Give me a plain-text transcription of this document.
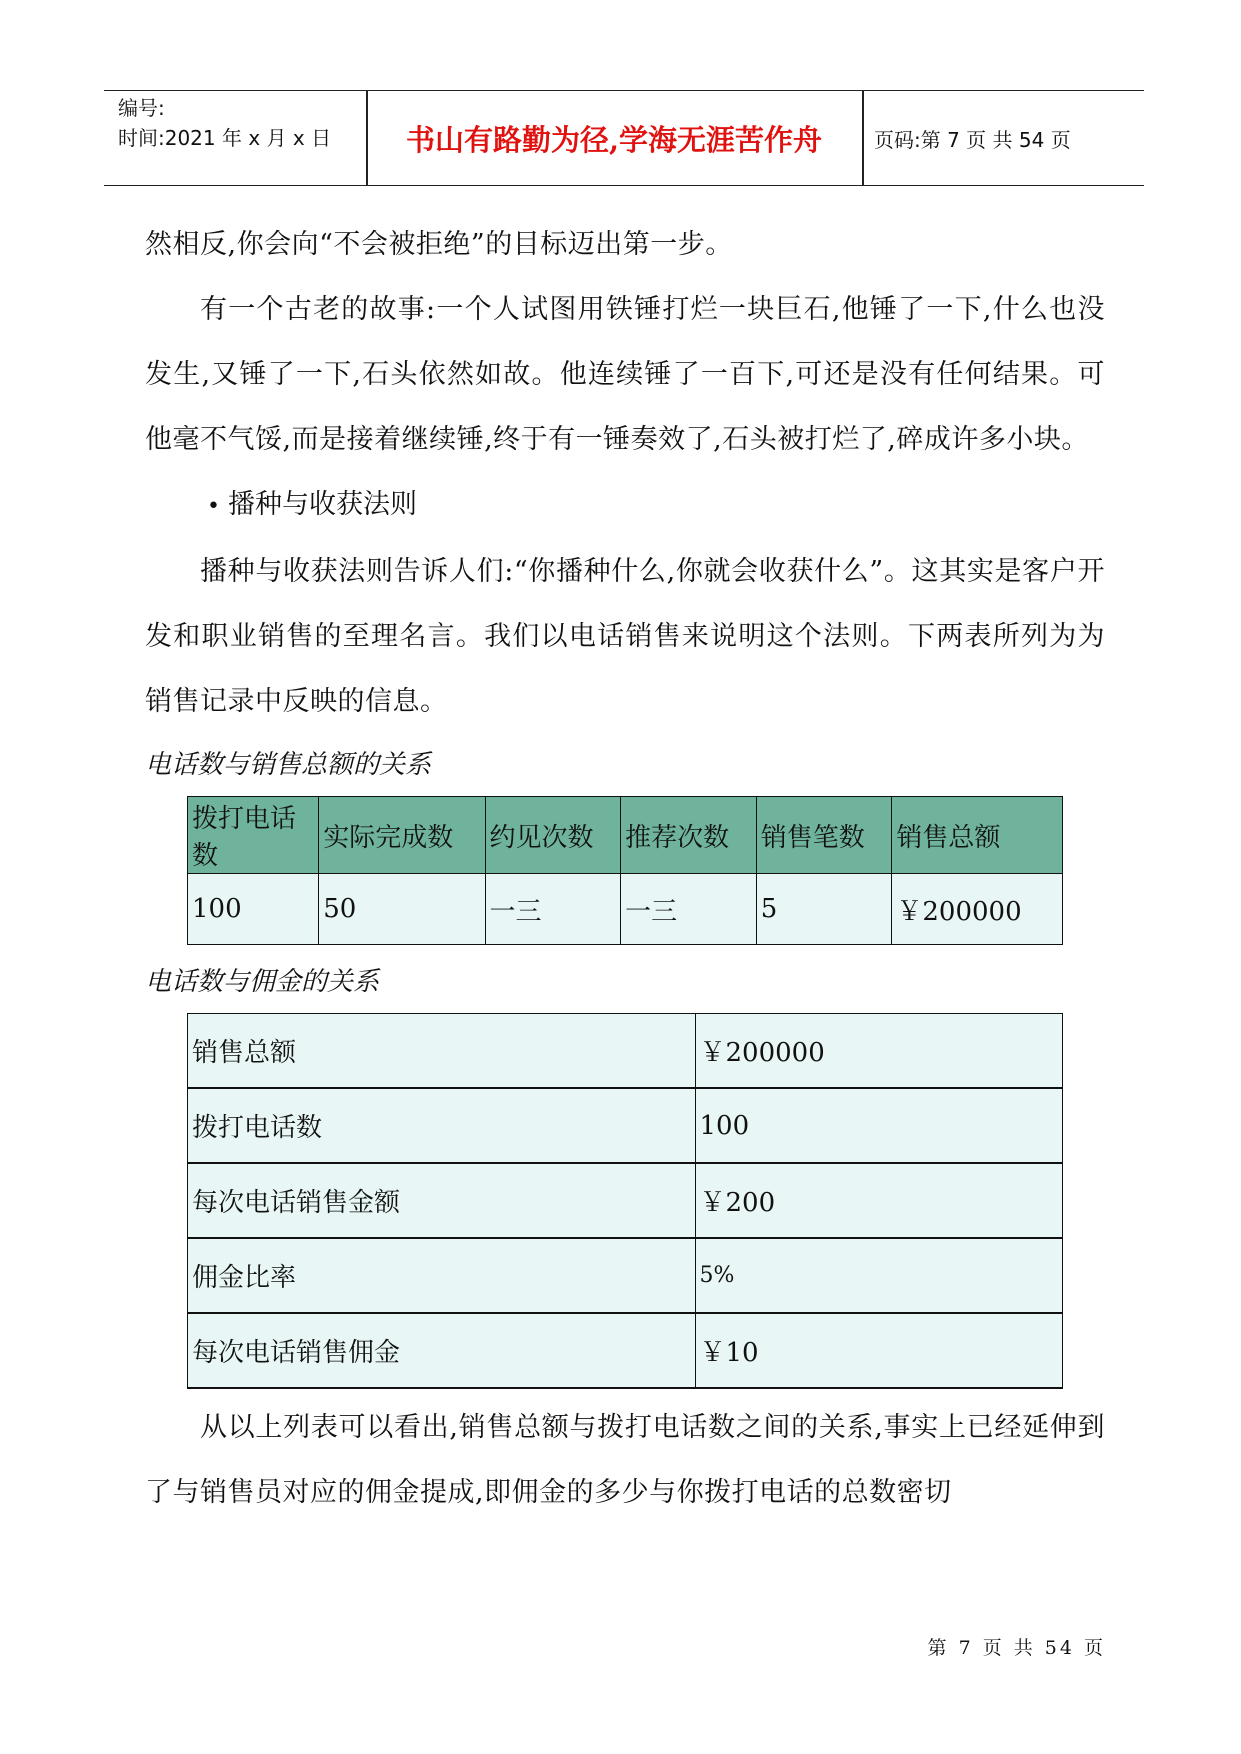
编号:
时间:2021 年 x 月 x 日	书山有路勤为径,学海无涯苦作舟	页码:第 7 页 共 54 页

然相反,你会向“不会被拒绝”的目标迈出第一步。

有一个古老的故事:一个人试图用铁锤打烂一块巨石,他锤了一下,什么也没发生,又锤了一下,石头依然如故。他连续锤了一百下,可还是没有任何结果。可他毫不气馁,而是接着继续锤,终于有一锤奏效了,石头被打烂了,碎成许多小块。

• 播种与收获法则

播种与收获法则告诉人们:“你播种什么,你就会收获什么”。这其实是客户开发和职业销售的至理名言。我们以电话销售来说明这个法则。下两表所列为为销售记录中反映的信息。

电话数与销售总额的关系

拨打电话数	实际完成数	约见次数	推荐次数	销售笔数	销售总额
100	50	一三	一三	5	￥200000

电话数与佣金的关系

销售总额	￥200000
拨打电话数	100
每次电话销售金额	￥200
佣金比率	5%
每次电话销售佣金	￥10

从以上列表可以看出,销售总额与拨打电话数之间的关系,事实上已经延伸到了与销售员对应的佣金提成,即佣金的多少与你拨打电话的总数密切

第 7 页 共 54 页
